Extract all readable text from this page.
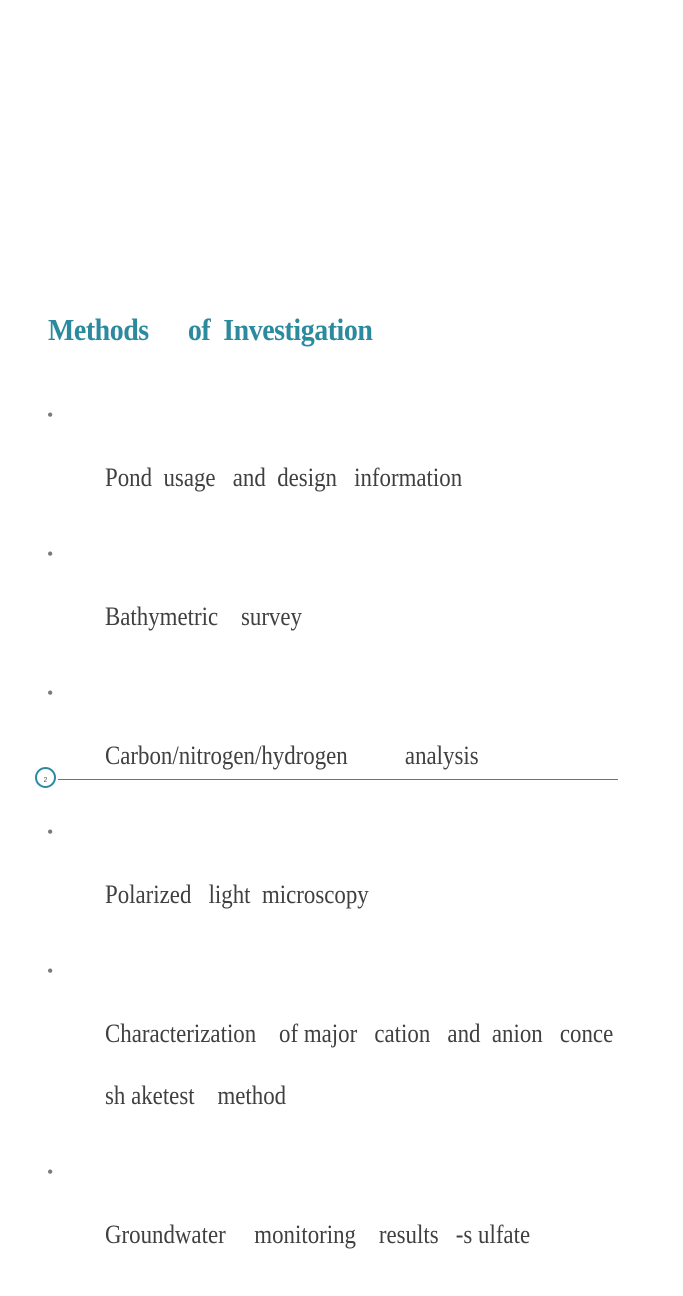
Methods      of  Investigation

•

Pond  usage   and  design   information

•

Bathymetric    survey

•

Carbon/nitrogen/hydrogen          analysis

•

Polarized   light  microscopy

•

Characterization    of major   cation   and  anion   conce

sh aketest    method

•

Groundwater     monitoring    results   -s ulfate

2
